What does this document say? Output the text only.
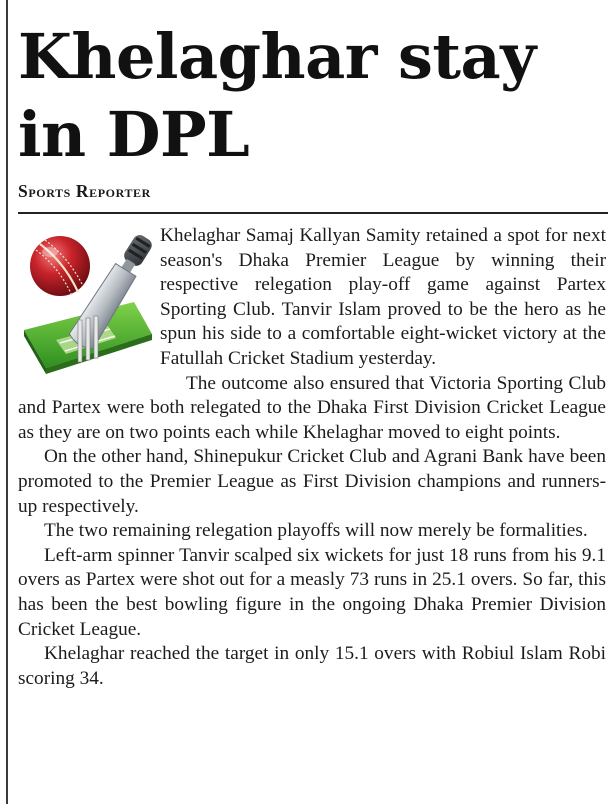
Khelaghar stay in DPL
Sports Reporter

Khelaghar Samaj Kallyan Samity retained a spot for next season's Dhaka Premier League by winning their respective relegation play-off game against Partex Sporting Club. Tanvir Islam proved to be the hero as he spun his side to a comfortable eight-wicket victory at the Fatullah Cricket Stadium yesterday.

The outcome also ensured that Victoria Sporting Club and Partex were both relegated to the Dhaka First Division Cricket League as they are on two points each while Khelaghar moved to eight points.

On the other hand, Shinepukur Cricket Club and Agrani Bank have been promoted to the Premier League as First Division champions and runners-up respectively.

The two remaining relegation playoffs will now merely be formalities.

Left-arm spinner Tanvir scalped six wickets for just 18 runs from his 9.1 overs as Partex were shot out for a measly 73 runs in 25.1 overs. So far, this has been the best bowling figure in the ongoing Dhaka Premier Division Cricket League.

Khelaghar reached the target in only 15.1 overs with Robiul Islam Robi scoring 34.
